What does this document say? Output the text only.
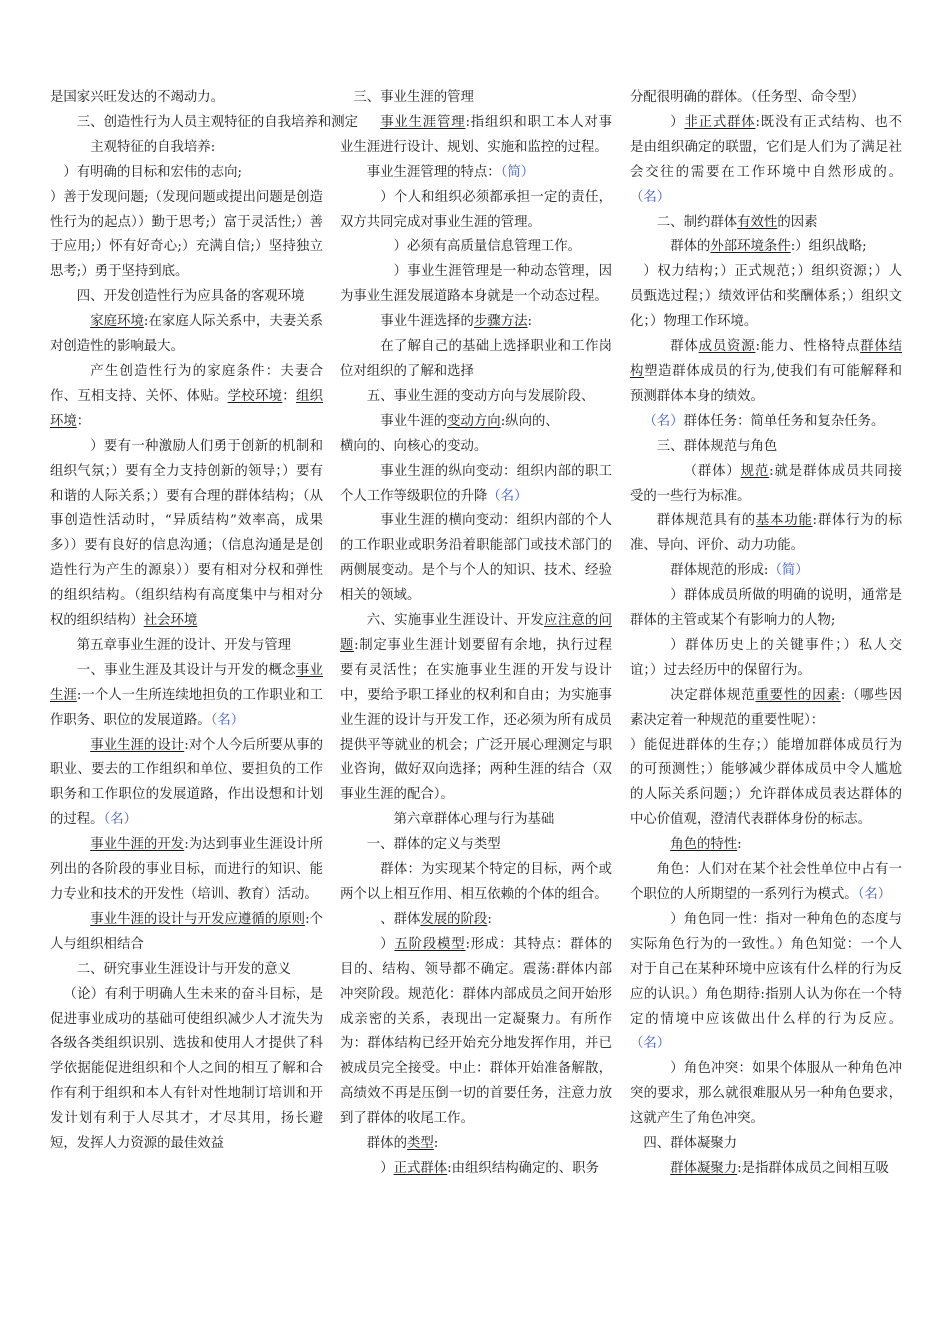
是国家兴旺发达的不竭动力。

三、创造性行为人员主观特征的自我培养和测定

主观特征的自我培养:

）有明确的目标和宏伟的志向;

）善于发现问题;（发现问题或提出问题是创造性行为的起点））勤于思考;）富于灵活性;）善于应用;）怀有好奇心;）充满自信;）坚持独立思考;）勇于坚持到底。

四、开发创造性行为应具备的客观环境

家庭环境:在家庭人际关系中，夫妻关系对创造性的影响最大。

产生创造性行为的家庭条件：夫妻合作、互相支持、关怀、体贴。学校环境：组织环境：

）要有一种激励人们勇于创新的机制和组织气氛；）要有全力支持创新的领导；）要有和谐的人际关系；）要有合理的群体结构；（从事创造性活动时，“异质结构”效率高，成果多））要有良好的信息沟通；（信息沟通是是创造性行为产生的源泉））要有相对分权和弹性的组织结构。（组织结构有高度集中与相对分权的组织结构）社会环境

第五章事业生涯的设计、开发与管理

一、事业生涯及其设计与开发的概念事业生涯:一个人一生所连续地担负的工作职业和工作职务、职位的发展道路。（名）

事业生涯的设计:对个人今后所要从事的职业、要去的工作组织和单位、要担负的工作职务和工作职位的发展道路，作出设想和计划的过程。（名）

事业牛涯的开发:为达到事业生涯设计所列出的各阶段的事业目标，而进行的知识、能力专业和技术的开发性（培训、教育）活动。

事业牛涯的设计与开发应遵循的原则:个人与组织相结合

二、研究事业生涯设计与开发的意义

（论）有利于明确人生未来的奋斗目标，是促进事业成功的基础可使组织减少人才流失为各级各类组织识别、选拔和使用人才提供了科学依据能促进组织和个人之间的相互了解和合作有利于组织和本人有针对性地制订培训和开发计划有利于人尽其才，才尽其用，扬长避短，发挥人力资源的最佳效益

三、事业生涯的管理

事业生涯管理:指组织和职工本人对事业生涯进行设计、规划、实施和监控的过程。

事业生涯管理的特点：（简）

）个人和组织必须都承担一定的责任，双方共同完成对事业生涯的管理。

）必须有高质量信息管理工作。

）事业生涯管理是一种动态管理，因为事业生涯发展道路本身就是一个动态过程。

事业牛涯选择的步骤方法:

在了解自己的基础上选择职业和工作岗位对组织的了解和选择

五、事业生涯的变动方向与发展阶段、

事业牛涯的变动方向:纵向的、

横向的、向核心的变动。

事业生涯的纵向变动：组织内部的职工个人工作等级职位的升降（名）

事业生涯的横向变动：组织内部的个人的工作职业或职务沿着职能部门或技术部门的两侧展变动。是个与个人的知识、技术、经验相关的领域。

六、实施事业生涯设计、开发应注意的问题:制定事业生涯计划要留有余地，执行过程要有灵活性；在实施事业生涯的开发与设计中，要给予职工择业的权利和自由；为实施事业生涯的设计与开发工作，还必须为所有成员提供平等就业的机会；广泛开展心理测定与职业咨询，做好双向选择；两种生涯的结合（双事业生涯的配合）。

第六章群体心理与行为基础

一、群体的定义与类型

群体：为实现某个特定的目标，两个或两个以上相互作用、相互依赖的个体的组合。

、群体发展的阶段:

）五阶段模型:形成：其特点：群体的目的、结构、领导都不确定。震荡:群体内部冲突阶段。规范化：群体内部成员之间开始形成亲密的关系，表现出一定凝聚力。有所作为：群体结构已经开始充分地发挥作用，并已被成员完全接受。中止：群体开始准备解散，高绩效不再是压倒一切的首要任务，注意力放到了群体的收尾工作。

群体的类型:

）正式群体:由组织结构确定的、职务

分配很明确的群体。（任务型、命令型）

）非正式群体:既没有正式结构、也不是由组织确定的联盟，它们是人们为了满足社会交往的需要在工作环境中自然形成的。（名）

二、制约群体有效性的因素

群体的外部环境条件:）组织战略;

）权力结构；）正式规范；）组织资源；）人员甄选过程；）绩效评估和奖酬体系；）组织文化；）物理工作环境。

群体成员资源:能力、性格特点群体结构塑造群体成员的行为,使我们有可能解释和预测群体本身的绩效。

（名）群体任务：简单任务和复杂任务。

三、群体规范与角色

（群体）规范:就是群体成员共同接受的一些行为标准。

群体规范具有的基本功能:群体行为的标准、导向、评价、动力功能。

群体规范的形成:（简）

）群体成员所做的明确的说明，通常是群体的主管或某个有影响力的人物;

）群体历史上的关键事件；）私人交谊；）过去经历中的保留行为。

决定群体规范重要性的因素:（哪些因素决定着一种规范的重要性呢）：

）能促进群体的生存；）能增加群体成员行为的可预测性；）能够减少群体成员中令人尴尬的人际关系问题；）允许群体成员表达群体的中心价值观，澄清代表群体身份的标志。

角色的特性:

角色：人们对在某个社会性单位中占有一个职位的人所期望的一系列行为模式。（名）

）角色同一性：指对一种角色的态度与实际角色行为的一致性。）角色知觉：一个人对于自己在某种环境中应该有什么样的行为反应的认识。）角色期待:指别人认为你在一个特定的情境中应该做出什么样的行为反应。（名）

）角色冲突：如果个体服从一种角色冲突的要求，那么就很难服从另一种角色要求，这就产生了角色冲突。

四、群体凝聚力

群体凝聚力:是指群体成员之间相互吸
